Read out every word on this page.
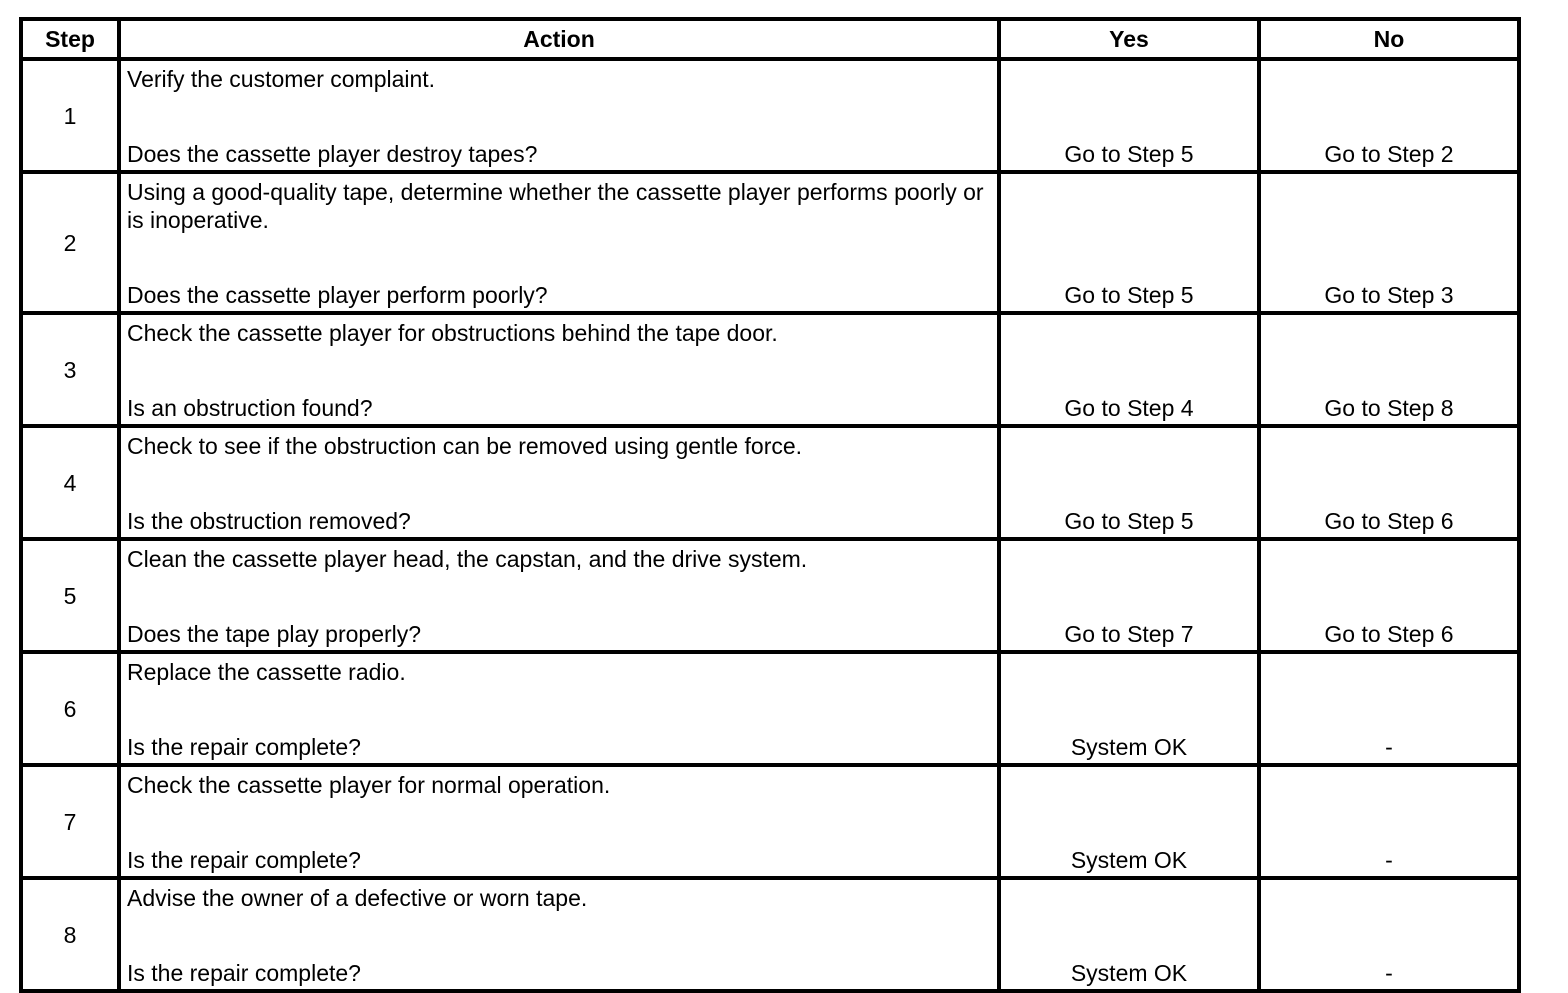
Step	Action	Yes	No
1	Verify the customer complaint.
Does the cassette player destroy tapes?	Go to Step 5	Go to Step 2
2	Using a good-quality tape, determine whether the cassette player performs poorly or is inoperative.
Does the cassette player perform poorly?	Go to Step 5	Go to Step 3
3	Check the cassette player for obstructions behind the tape door.
Is an obstruction found?	Go to Step 4	Go to Step 8
4	Check to see if the obstruction can be removed using gentle force.
Is the obstruction removed?	Go to Step 5	Go to Step 6
5	Clean the cassette player head, the capstan, and the drive system.
Does the tape play properly?	Go to Step 7	Go to Step 6
6	Replace the cassette radio.
Is the repair complete?	System OK	-
7	Check the cassette player for normal operation.
Is the repair complete?	System OK	-
8	Advise the owner of a defective or worn tape.
Is the repair complete?	System OK	-
